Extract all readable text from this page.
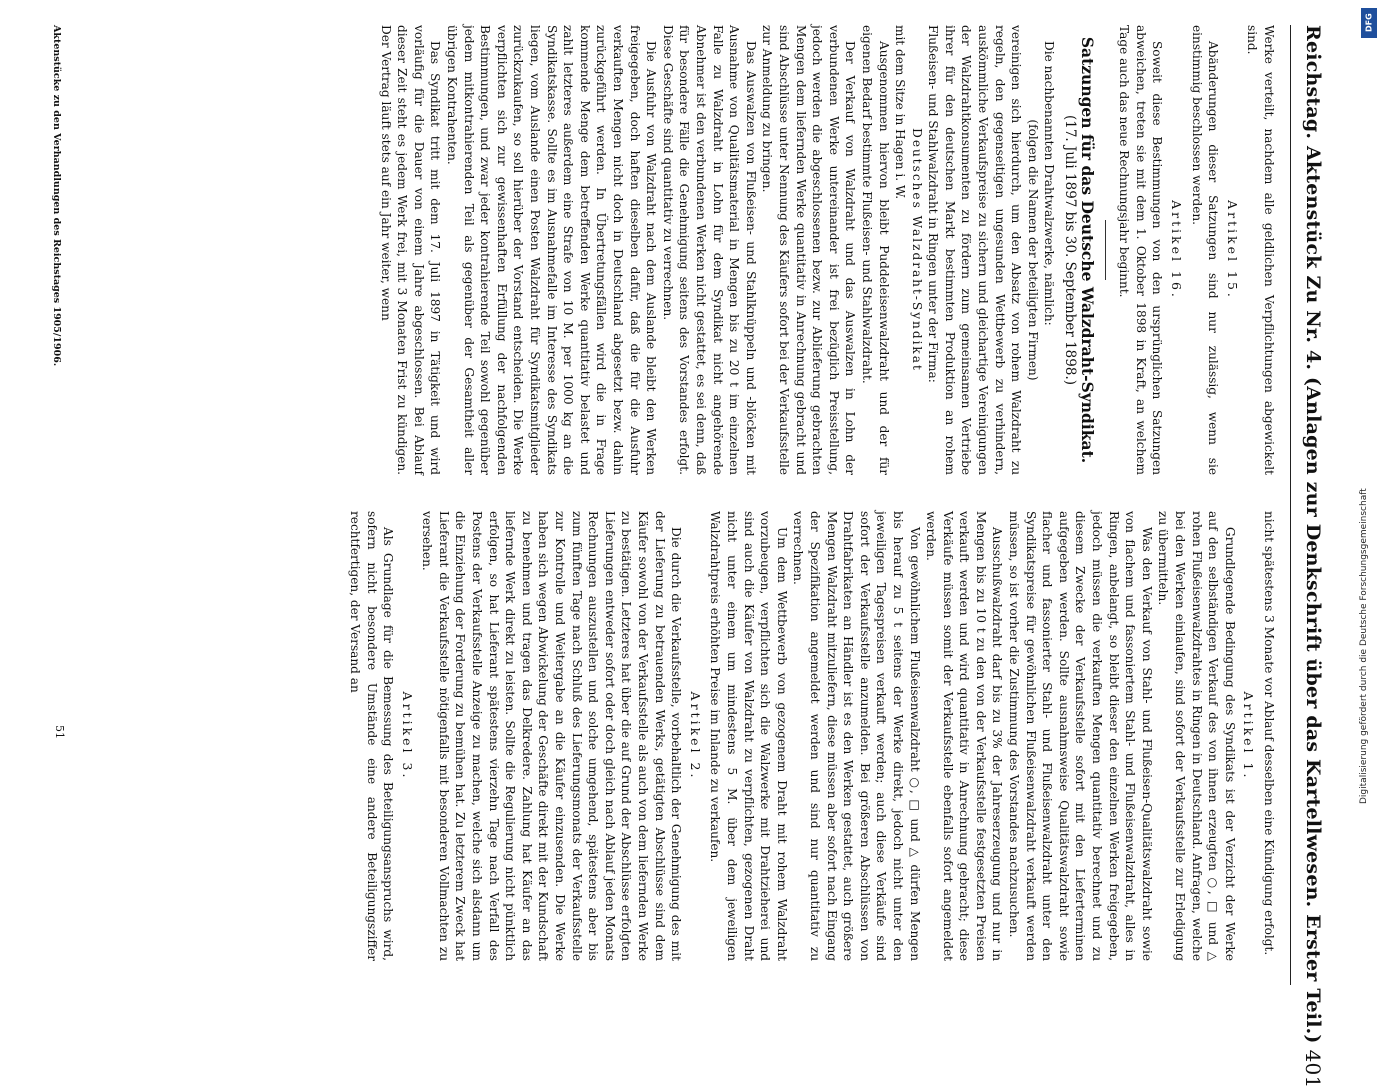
Reichstag. Aktenstück Zu Nr. 4. (Anlagen zur Denkschrift über das Kartellwesen. Erster Teil.)
401

Werke verteilt, nachdem alle geldlichen Verpflichtungen abgewickelt sind.

Artikel 15.

Abänderungen dieser Satzungen sind nur zulässig, wenn sie einstimmig beschlossen werden.

Artikel 16.

Soweit diese Bestimmungen von den ursprünglichen Satzungen abweichen, treten sie mit dem 1. Oktober 1898 in Kraft, an welchem Tage auch das neue Rechnungsjahr beginnt.

Satzungen für das Deutsche Walzdraht-Syndikat.
(17. Juli 1897 bis 30. September 1898.)

Die nachbenannten Drahtwalzwerke, nämlich:

(folgen die Namen der beteiligten Firmen)

vereinigen sich hierdurch, um den Absatz von rohem Walzdraht zu regeln, den gegenseitigen ungesunden Wettbewerb zu verhindern, auskömmliche Verkaufspreise zu sichern und gleichartige Vereinigungen der Walzdrahtkonsumenten zu fördern zum gemeinsamen Vertriebe ihrer für den deutschen Markt bestimmten Produktion an rohem Flußeisen- und Stahlwalzdraht in Ringen unter der Firma:

Deutsches Walzdraht-Syndikat

mit dem Sitze in Hagen i. W.

Ausgenommen hiervon bleibt Puddeleisenwalzdraht und der für eigenen Bedarf bestimmte Flußeisen- und Stahlwalzdraht.

Der Verkauf von Walzdraht und das Auswalzen in Lohn der verbundenen Werke untereinander ist frei bezüglich Preisstellung, jedoch werden die abgeschlossenen bezw. zur Ablieferung gebrachten Mengen dem liefernden Werke quantitativ in Anrechnung gebracht und sind Abschlüsse unter Nennung des Käufers sofort bei der Verkaufsstelle zur Anmeldung zu bringen.

Das Auswalzen von Flußeisen- und Stahlknüppeln und -blöcken mit Ausnahme von Qualitätsmaterial in Mengen bis zu 20 t im einzelnen Falle zu Walzdraht in Lohn für dem Syndikat nicht angehörende Abnehmer ist den verbundenen Werken nicht gestattet, es sei denn, daß für besondere Fälle die Genehmigung seitens des Vorstandes erfolgt. Diese Geschäfte sind quantitativ zu verrechnen.

Die Ausfuhr von Walzdraht nach dem Auslande bleibt den Werken freigegeben, doch haften dieselben dafür, daß die für die Ausfuhr verkauften Mengen nicht doch in Deutschland abgesetzt bezw. dahin zurückgeführt werden. In Übertretungsfällen wird die in Frage kommende Menge dem betreffenden Werke quantitativ belastet und zahlt letzteres außerdem eine Strafe von 10 M. per 1000 kg an die Syndikatskasse. Sollte es im Ausnahmefalle im Interesse des Syndikats liegen, vom Auslande einen Posten Walzdraht für Syndikatsmitglieder zurückzukaufen, so soll hierüber der Vorstand entscheiden. Die Werke verpflichten sich zur gewissenhaften Erfüllung der nachfolgenden Bestimmungen, und zwar jeder kontrahierende Teil sowohl gegenüber jedem mitkontrahierenden Teil als gegenüber der Gesamtheit aller übrigen Kontrahenten.

Das Syndikat tritt mit dem 17. Juli 1897 in Tätigkeit und wird vorläufig für die Dauer von einem Jahre abgeschlossen. Bei Ablauf dieser Zeit steht es jedem Werk frei, mit 3 Monaten Frist zu kündigen. Der Vertrag läuft stets auf ein Jahr weiter, wenn

Aktenstücke zu den Verhandlungen des Reichstages 1905/1906.

nicht spätestens 3 Monate vor Ablauf desselben eine Kündigung erfolgt.

Artikel 1.

Grundlegende Bedingung des Syndikats ist der Verzicht der Werke auf den selbständigen Verkauf des von ihnen erzeugten ○, □ und △ rohen Flußeisenwalzdrahtes in Ringen in Deutschland. Anfragen, welche bei den Werken einlaufen, sind sofort der Verkaufsstelle zur Erledigung zu übermitteln.

Was den Verkauf von Stahl- und Flußeisen-Qualitätswalzdraht sowie von flachem und fassoniertem Stahl- und Flußeisenwalzdraht, alles in Ringen, anbelangt, so bleibt dieser den einzelnen Werken freigegeben, jedoch müssen die verkauften Mengen quantitativ berechnet und zu diesem Zwecke der Verkaufsstelle sofort mit den Lieferterminen aufgegeben werden. Sollte ausnahmsweise Qualitätswalzdraht sowie flacher und fassonierter Stahl- und Flußeisenwalzdraht unter den Syndikatspreise für gewöhnlichen Flußeisenwalzdraht verkauft werden müssen, so ist vorher die Zustimmung des Vorstandes nachzusuchen.

Ausschußwalzdraht darf bis zu 3% der Jahreserzeugung und nur in Mengen bis zu 10 t zu den von der Verkaufsstelle festgesetzten Preisen verkauft werden und wird quantitativ in Anrechnung gebracht; diese Verkäufe müssen somit der Verkaufsstelle ebenfalls sofort angemeldet werden.

Von gewöhnlichem Flußeisenwalzdraht ○, □ und △ dürfen Mengen bis herauf zu 5 t seitens der Werke direkt, jedoch nicht unter den jeweiligen Tagespreisen verkauft werden; auch diese Verkäufe sind sofort der Verkaufsstelle anzumelden. Bei größeren Abschlüssen von Drahtfabrikaten an Händler ist es den Werken gestattet, auch größere Mengen Walzdraht mitzuliefern, diese müssen aber sofort nach Eingang der Spezifikation angemeldet werden und sind nur quantitativ zu verrechnen.

Um dem Wettbewerb von gezogenem Draht mit rohem Walzdraht vorzubeugen, verpflichten sich die Walzwerke mit Drahtzieherei und sind auch die Käufer von Walzdraht zu verpflichten, gezogenen Draht nicht unter einem um mindestens 5 M. über dem jeweiligen Walzdrahtpreis erhöhten Preise im Inlande zu verkaufen.

Artikel 2.

Die durch die Verkaufsstelle, vorbehaltlich der Genehmigung des mit der Lieferung zu betrauenden Werks, getätigten Abschlüsse sind dem Käufer sowohl von der Verkaufsstelle als auch von dem liefernden Werke zu bestätigen. Letzteres hat über die auf Grund der Abschlüsse erfolgten Lieferungen entweder sofort oder doch gleich nach Ablauf jeden Monats Rechnungen auszustellen und solche umgehend, spätestens aber bis zum fünften Tage nach Schluß des Lieferungsmonats der Verkaufsstelle zur Kontrolle und Weitergabe an die Käufer einzusenden. Die Werke haben sich wegen Abwickelung der Geschäfte direkt mit der Kundschaft zu benehmen und tragen das Delkredere. Zahlung hat Käufer an das liefernde Werk direkt zu leisten. Sollte die Regulierung nicht pünktlich erfolgen, so hat Lieferant spätestens vierzehn Tage nach Verfall des Postens der Verkaufsstelle Anzeige zu machen, welche sich alsdann um die Einziehung der Forderung zu bemühen hat. Zu letzterem Zweck hat Lieferant die Verkaufsstelle nötigenfalls mit besonderen Vollmachten zu versehen.

Artikel 3.

Als Grundlage für die Bemessung des Beteiligungsanspruchs wird, sofern nicht besondere Umstände eine andere Beteiligungsziffer rechtfertigen, der Versand an

51
DFG
Digitalisierung gefördert durch die Deutsche Forschungsgemeinschaft
